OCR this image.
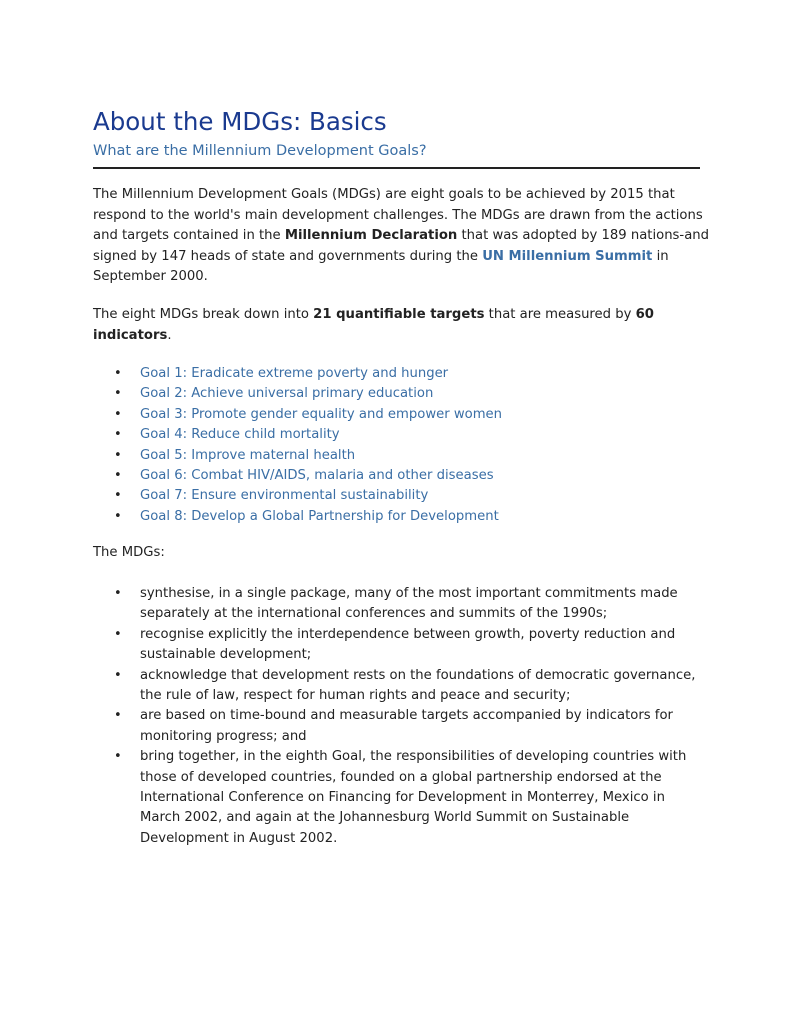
About the MDGs: Basics
What are the Millennium Development Goals?

The Millennium Development Goals (MDGs) are eight goals to be achieved by 2015 that
respond to the world's main development challenges. The MDGs are drawn from the actions
and targets contained in the Millennium Declaration that was adopted by 189 nations-and
signed by 147 heads of state and governments during the UN Millennium Summit in
September 2000.

The eight MDGs break down into 21 quantifiable targets that are measured by 60
indicators.

• Goal 1: Eradicate extreme poverty and hunger
• Goal 2: Achieve universal primary education
• Goal 3: Promote gender equality and empower women
• Goal 4: Reduce child mortality
• Goal 5: Improve maternal health
• Goal 6: Combat HIV/AIDS, malaria and other diseases
• Goal 7: Ensure environmental sustainability
• Goal 8: Develop a Global Partnership for Development

The MDGs:

• synthesise, in a single package, many of the most important commitments made
separately at the international conferences and summits of the 1990s;
• recognise explicitly the interdependence between growth, poverty reduction and
sustainable development;
• acknowledge that development rests on the foundations of democratic governance,
the rule of law, respect for human rights and peace and security;
• are based on time-bound and measurable targets accompanied by indicators for
monitoring progress; and
• bring together, in the eighth Goal, the responsibilities of developing countries with
those of developed countries, founded on a global partnership endorsed at the
International Conference on Financing for Development in Monterrey, Mexico in
March 2002, and again at the Johannesburg World Summit on Sustainable
Development in August 2002.
